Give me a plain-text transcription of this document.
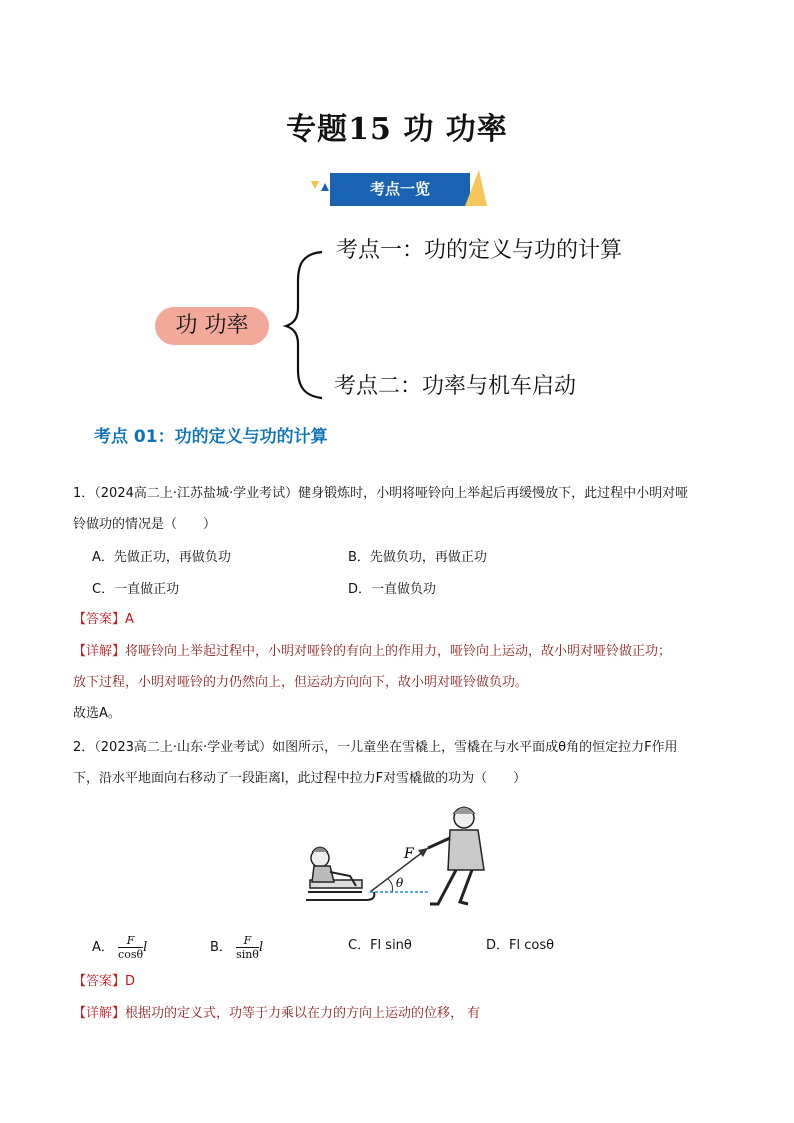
专题15 功 功率
考点一览
功 功率
考点一：功的定义与功的计算
考点二：功率与机车启动
考点 01：功的定义与功的计算
1．（2024高二上·江苏盐城·学业考试）健身锻炼时，小明将哑铃向上举起后再缓慢放下，此过程中小明对哑
铃做功的情况是（　　）
A．先做正功，再做负功	B．先做负功，再做正功
C．一直做正功	D．一直做负功
【答案】A
【详解】将哑铃向上举起过程中，小明对哑铃的有向上的作用力，哑铃向上运动，故小明对哑铃做正功；
放下过程，小明对哑铃的力仍然向上，但运动方向向下，故小明对哑铃做负功。
故选A。
2．（2023高二上·山东·学业考试）如图所示，一儿童坐在雪橇上，雪橇在与水平面成θ角的恒定拉力F作用
下，沿水平地面向右移动了一段距离l，此过程中拉力F对雪橇做的功为（　　）
F
θ
A． $\frac{F}{\cos\theta}$ l	B． $\frac{F}{\sin\theta}$ l	C．Fl sinθ	D．Fl cosθ
【答案】D
【详解】根据功的定义式，功等于力乘以在力的方向上运动的位移， 有
